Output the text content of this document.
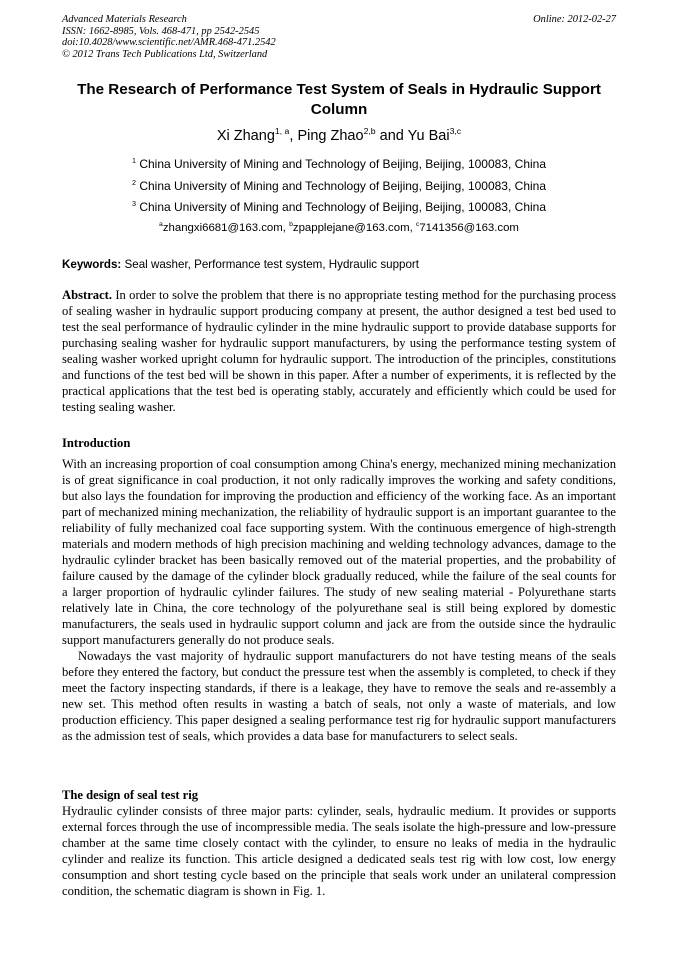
Advanced Materials Research
ISSN: 1662-8985, Vols. 468-471, pp 2542-2545
doi:10.4028/www.scientific.net/AMR.468-471.2542
© 2012 Trans Tech Publications Ltd, Switzerland
Online: 2012-02-27
The Research of Performance Test System of Seals in Hydraulic Support Column
Xi Zhang$^{1, a}$, Ping Zhao$^{2,b}$ and Yu Bai$^{3,c}$
$^1$ China University of Mining and Technology of Beijing, Beijing, 100083, China
$^2$ China University of Mining and Technology of Beijing, Beijing, 100083, China
$^3$ China University of Mining and Technology of Beijing, Beijing, 100083, China
$^a$zhangxi6681@163.com, $^b$zpapplejane@163.com, $^c$7141356@163.com
Keywords: Seal washer, Performance test system, Hydraulic support
Abstract. In order to solve the problem that there is no appropriate testing method for the purchasing process of sealing washer in hydraulic support producing company at present, the author designed a test bed used to test the seal performance of hydraulic cylinder in the mine hydraulic support to provide database supports for purchasing sealing washer for hydraulic support manufacturers, by using the performance testing system of sealing washer worked upright column for hydraulic support. The introduction of the principles, constitutions and functions of the test bed will be shown in this paper. After a number of experiments, it is reflected by the practical applications that the test bed is operating stably, accurately and efficiently which could be used for testing sealing washer.
Introduction

With an increasing proportion of coal consumption among China's energy, mechanized mining mechanization is of great significance in coal production, it not only radically improves the working and safety conditions, but also lays the foundation for improving the production and efficiency of the working face. As an important part of mechanized mining mechanization, the reliability of hydraulic support is an important guarantee to the reliability of fully mechanized coal face supporting system. With the continuous emergence of high-strength materials and modern methods of high precision machining and welding technology advances, damage to the hydraulic cylinder bracket has been basically removed out of the material properties, and the probability of failure caused by the damage of the cylinder block gradually reduced, while the failure of the seal counts for a larger proportion of hydraulic cylinder failures. The study of new sealing material - Polyurethane starts relatively late in China, the core technology of the polyurethane seal is still being explored by domestic manufacturers, the seals used in hydraulic support column and jack are from the outside since the hydraulic support manufacturers generally do not produce seals.

Nowadays the vast majority of hydraulic support manufacturers do not have testing means of the seals before they entered the factory, but conduct the pressure test when the assembly is completed, to check if they meet the factory inspecting standards, if there is a leakage, they have to remove the seals and re-assembly a new set. This method often results in wasting a batch of seals, not only a waste of materials, and low production efficiency. This paper designed a sealing performance test rig for hydraulic support manufacturers as the admission test of seals, which provides a data base for manufacturers to select seals.

The design of seal test rig

Hydraulic cylinder consists of three major parts: cylinder, seals, hydraulic medium. It provides or supports external forces through the use of incompressible media. The seals isolate the high-pressure and low-pressure chamber at the same time closely contact with the cylinder, to ensure no leaks of media in the hydraulic cylinder and realize its function. This article designed a dedicated seals test rig with low cost, low energy consumption and short testing cycle based on the principle that seals work under an unilateral compression condition, the schematic diagram is shown in Fig. 1.
